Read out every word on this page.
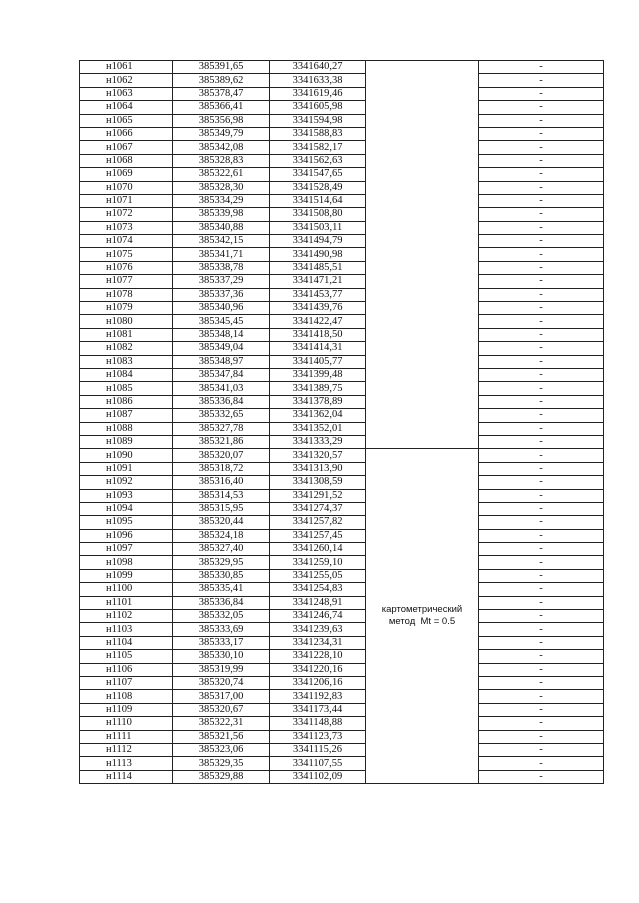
н1061	385391,65	3341640,27		-
н1062	385389,62	3341633,38		-
н1063	385378,47	3341619,46		-
н1064	385366,41	3341605,98		-
н1065	385356,98	3341594,98		-
н1066	385349,79	3341588,83		-
н1067	385342,08	3341582,17		-
н1068	385328,83	3341562,63		-
н1069	385322,61	3341547,65		-
н1070	385328,30	3341528,49		-
н1071	385334,29	3341514,64		-
н1072	385339,98	3341508,80		-
н1073	385340,88	3341503,11		-
н1074	385342,15	3341494,79		-
н1075	385341,71	3341490,98		-
н1076	385338,78	3341485,51		-
н1077	385337,29	3341471,21		-
н1078	385337,36	3341453,77		-
н1079	385340,96	3341439,76		-
н1080	385345,45	3341422,47		-
н1081	385348,14	3341418,50		-
н1082	385349,04	3341414,31		-
н1083	385348,97	3341405,77		-
н1084	385347,84	3341399,48		-
н1085	385341,03	3341389,75		-
н1086	385336,84	3341378,89		-
н1087	385332,65	3341362,04		-
н1088	385327,78	3341352,01		-
н1089	385321,86	3341333,29		-
н1090	385320,07	3341320,57	картометрический
метод  Mt = 0.5	-
н1091	385318,72	3341313,90		-
н1092	385316,40	3341308,59		-
н1093	385314,53	3341291,52		-
н1094	385315,95	3341274,37		-
н1095	385320,44	3341257,82		-
н1096	385324,18	3341257,45		-
н1097	385327,40	3341260,14		-
н1098	385329,95	3341259,10		-
н1099	385330,85	3341255,05		-
н1100	385335,41	3341254,83		-
н1101	385336,84	3341248,91		-
н1102	385332,05	3341246,74		-
н1103	385333,69	3341239,63		-
н1104	385333,17	3341234,31		-
н1105	385330,10	3341228,10		-
н1106	385319,99	3341220,16		-
н1107	385320,74	3341206,16		-
н1108	385317,00	3341192,83		-
н1109	385320,67	3341173,44		-
н1110	385322,31	3341148,88		-
н1111	385321,56	3341123,73		-
н1112	385323,06	3341115,26		-
н1113	385329,35	3341107,55		-
н1114	385329,88	3341102,09		-
